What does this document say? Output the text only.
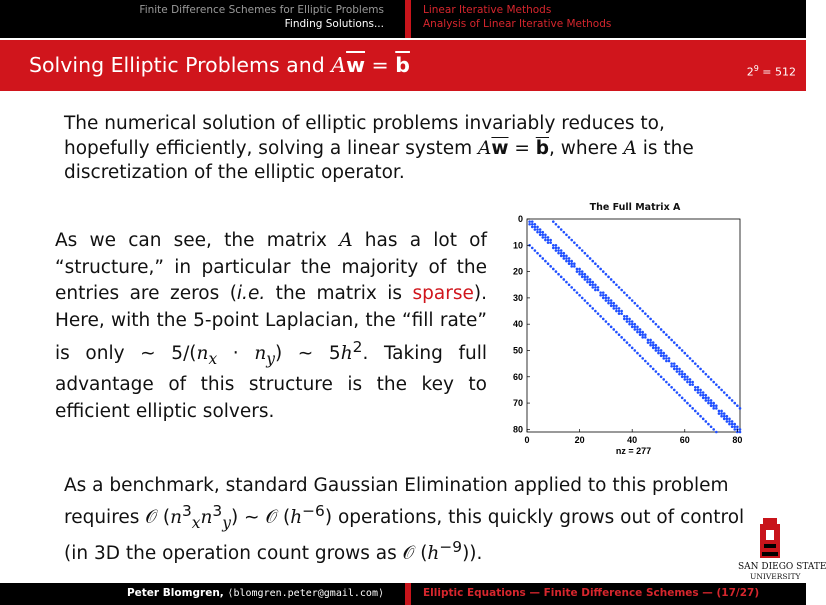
Finite Difference Schemes for Elliptic Problems
Finding Solutions...
Linear Iterative Methods
Analysis of Linear Iterative Methods
Solving Elliptic Problems and $A\overline{w} = \overline{b}$	$2^9 = 512$
The numerical solution of elliptic problems invariably reduces to, hopefully efficiently, solving a linear system $A\overline{w} = \overline{b}$, where A is the discretization of the elliptic operator.
As we can see, the matrix A has a lot of “structure,” in particular the majority of the entries are zeros (i.e. the matrix is sparse). Here, with the 5-point Laplacian, the “fill rate” is only ∼ $5/(n_x \cdot n_y)$ ∼ $5h^2$. Taking full advantage of this structure is the key to efficient elliptic solvers.
The Full Matrix A
0	20	40	60	80
0
10
20
30
40
50
60
70
80
nz = 277
As a benchmark, standard Gaussian Elimination applied to this problem requires 𝒪 $(n^3_xn^3_y)$ ∼ 𝒪 $(h^{-6})$ operations, this quickly grows out of control (in 3D the operation count grows as 𝒪 $(h^{-9})$).
SAN DIEGO STATE
UNIVERSITY
Peter Blomgren, ⟨blomgren.peter@gmail.com⟩	Elliptic Equations — Finite Difference Schemes — (17/27)
